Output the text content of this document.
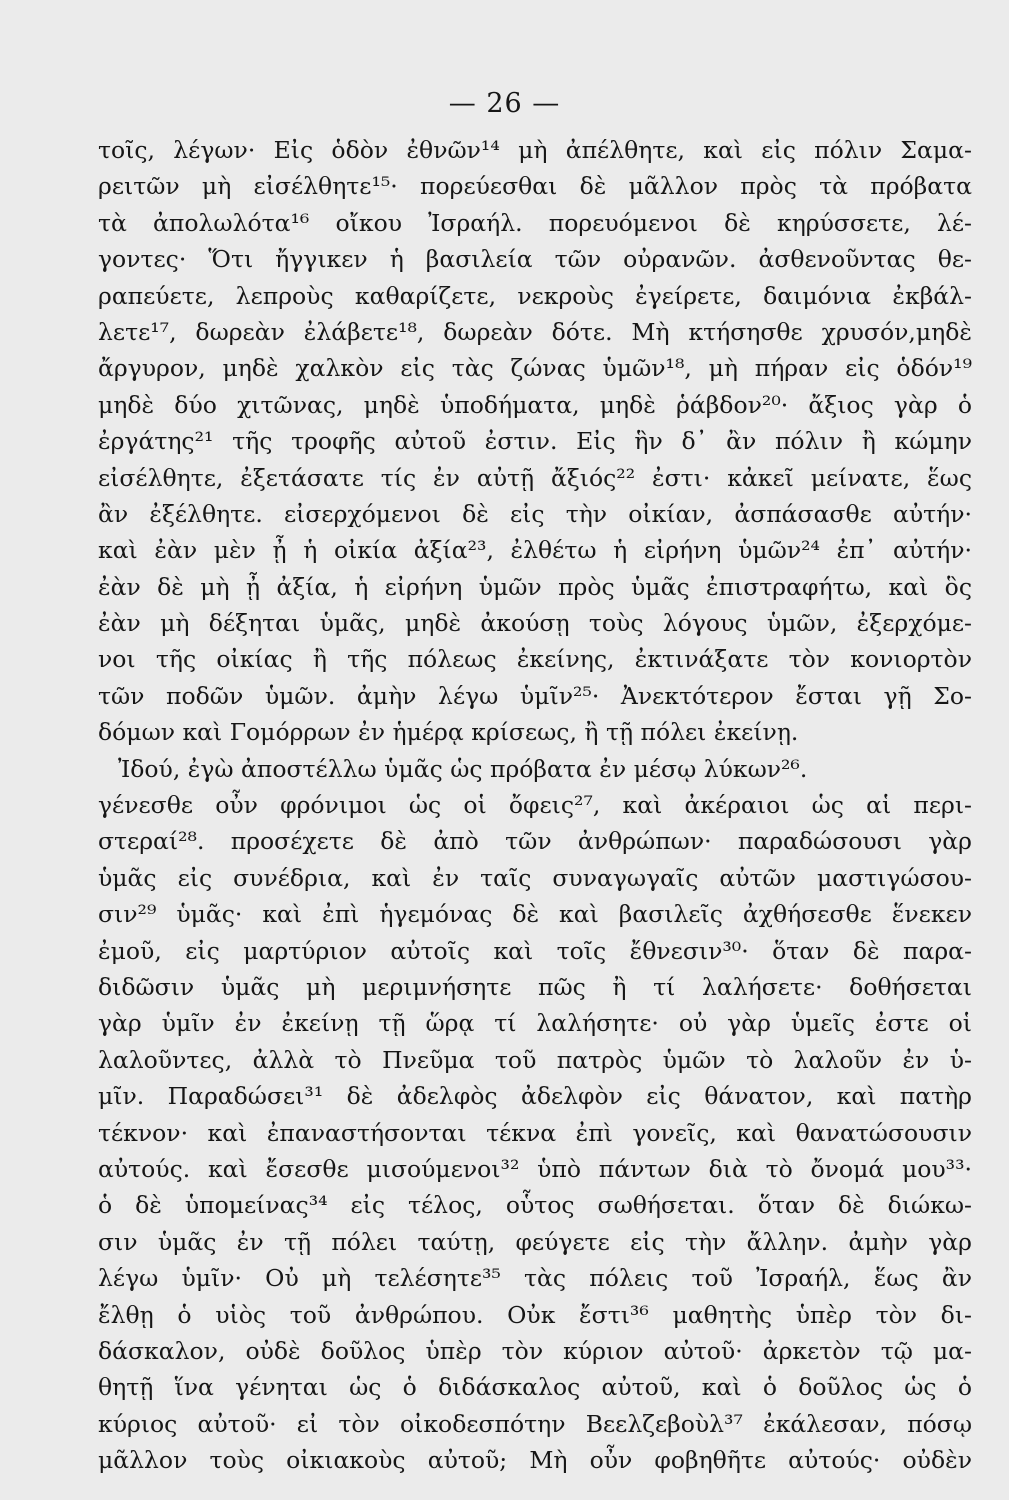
— 26 —
τοῖς, λέγων· Εἰς ὁδὸν ἐθνῶν¹⁴ μὴ ἀπέλθητε, καὶ εἰς πόλιν Σαμα-
ρειτῶν μὴ εἰσέλθητε¹⁵· πορεύεσθαι δὲ μᾶλλον πρὸς τὰ πρόβατα
τὰ ἀπολωλότα¹⁶ οἴκου Ἰσραήλ. πορευόμενοι δὲ κηρύσσετε, λέ-
γοντες· Ὅτι ἤγγικεν ἡ βασιλεία τῶν οὐρανῶν. ἀσθενοῦντας θε-
ραπεύετε, λεπροὺς καθαρίζετε, νεκροὺς ἐγείρετε, δαιμόνια ἐκβάλ-
λετε¹⁷, δωρεὰν ἐλάβετε¹⁸, δωρεὰν δότε. Μὴ κτήσησθε χρυσόν,μηδὲ
ἄργυρον, μηδὲ χαλκὸν εἰς τὰς ζώνας ὑμῶν¹⁸, μὴ πήραν εἰς ὁδόν¹⁹
μηδὲ δύο χιτῶνας, μηδὲ ὑποδήματα, μηδὲ ῥάβδον²⁰· ἄξιος γὰρ ὁ
ἐργάτης²¹ τῆς τροφῆς αὐτοῦ ἐστιν. Εἰς ἣν δ᾽ ἂν πόλιν ἢ κώμην
εἰσέλθητε, ἐξετάσατε τίς ἐν αὐτῇ ἄξιός²² ἐστι· κἀκεῖ μείνατε, ἕως
ἂν ἐξέλθητε. εἰσερχόμενοι δὲ εἰς τὴν οἰκίαν, ἀσπάσασθε αὐτήν·
καὶ ἐὰν μὲν ᾖ ἡ οἰκία ἀξία²³, ἐλθέτω ἡ εἰρήνη ὑμῶν²⁴ ἐπ᾽ αὐτήν·
ἐὰν δὲ μὴ ᾖ ἀξία, ἡ εἰρήνη ὑμῶν πρὸς ὑμᾶς ἐπιστραφήτω, καὶ ὃς
ἐὰν μὴ δέξηται ὑμᾶς, μηδὲ ἀκούσῃ τοὺς λόγους ὑμῶν, ἐξερχόμε-
νοι τῆς οἰκίας ἢ τῆς πόλεως ἐκείνης, ἐκτινάξατε τὸν κονιορτὸν
τῶν ποδῶν ὑμῶν. ἀμὴν λέγω ὑμῖν²⁵· Ἀνεκτότερον ἔσται γῇ Σο-
δόμων καὶ Γομόρρων ἐν ἡμέρᾳ κρίσεως, ἢ τῇ πόλει ἐκείνῃ.
Ἰδού, ἐγὼ ἀποστέλλω ὑμᾶς ὡς πρόβατα ἐν μέσῳ λύκων²⁶.
γένεσθε οὖν φρόνιμοι ὡς οἱ ὄφεις²⁷, καὶ ἀκέραιοι ὡς αἱ περι-
στεραί²⁸. προσέχετε δὲ ἀπὸ τῶν ἀνθρώπων· παραδώσουσι γὰρ
ὑμᾶς εἰς συνέδρια, καὶ ἐν ταῖς συναγωγαῖς αὐτῶν μαστιγώσου-
σιν²⁹ ὑμᾶς· καὶ ἐπὶ ἡγεμόνας δὲ καὶ βασιλεῖς ἀχθήσεσθε ἕνεκεν
ἐμοῦ, εἰς μαρτύριον αὐτοῖς καὶ τοῖς ἔθνεσιν³⁰· ὅταν δὲ παρα-
διδῶσιν ὑμᾶς μὴ μεριμνήσητε πῶς ἢ τί λαλήσετε· δοθήσεται
γὰρ ὑμῖν ἐν ἐκείνῃ τῇ ὥρᾳ τί λαλήσητε· οὐ γὰρ ὑμεῖς ἐστε οἱ
λαλοῦντες, ἀλλὰ τὸ Πνεῦμα τοῦ πατρὸς ὑμῶν τὸ λαλοῦν ἐν ὑ-
μῖν. Παραδώσει³¹ δὲ ἀδελφὸς ἀδελφὸν εἰς θάνατον, καὶ πατὴρ
τέκνον· καὶ ἐπαναστήσονται τέκνα ἐπὶ γονεῖς, καὶ θανατώσουσιν
αὐτούς. καὶ ἔσεσθε μισούμενοι³² ὑπὸ πάντων διὰ τὸ ὄνομά μου³³·
ὁ δὲ ὑπομείνας³⁴ εἰς τέλος, οὗτος σωθήσεται. ὅταν δὲ διώκω-
σιν ὑμᾶς ἐν τῇ πόλει ταύτῃ, φεύγετε εἰς τὴν ἄλλην. ἀμὴν γὰρ
λέγω ὑμῖν· Οὐ μὴ τελέσητε³⁵ τὰς πόλεις τοῦ Ἰσραήλ, ἕως ἂν
ἔλθῃ ὁ υἱὸς τοῦ ἀνθρώπου. Οὐκ ἔστι³⁶ μαθητὴς ὑπὲρ τὸν δι-
δάσκαλον, οὐδὲ δοῦλος ὑπὲρ τὸν κύριον αὐτοῦ· ἀρκετὸν τῷ μα-
θητῇ ἵνα γένηται ὡς ὁ διδάσκαλος αὐτοῦ, καὶ ὁ δοῦλος ὡς ὁ
κύριος αὐτοῦ· εἰ τὸν οἰκοδεσπότην Βεελζεβοὺλ³⁷ ἐκάλεσαν, πόσῳ
μᾶλλον τοὺς οἰκιακοὺς αὐτοῦ; Μὴ οὖν φοβηθῆτε αὐτούς· οὐδὲν
